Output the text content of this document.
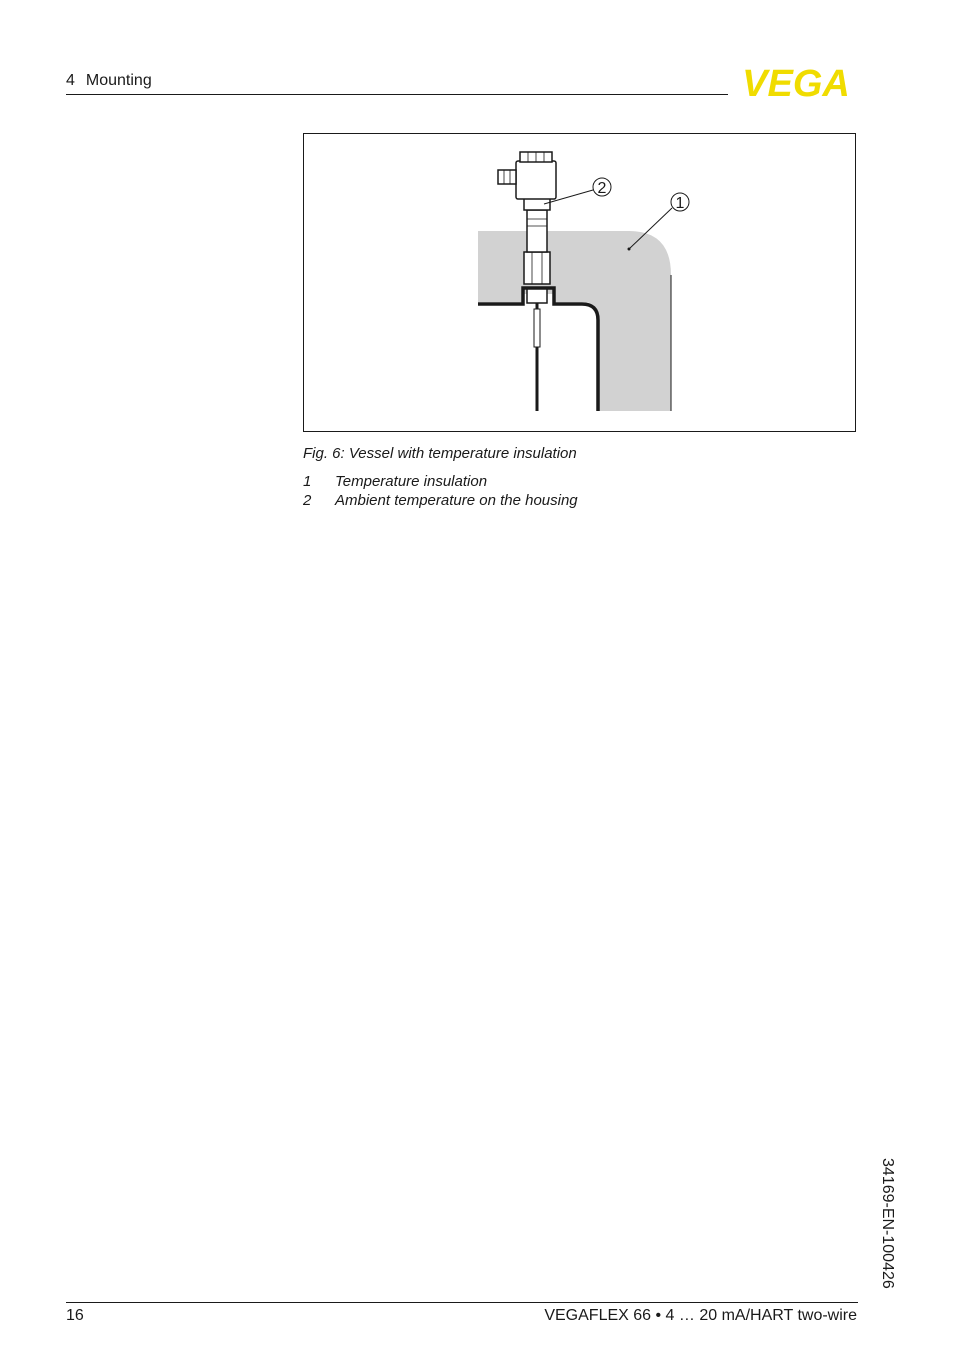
4 Mounting	VEGA
2
1
Fig. 6: Vessel with temperature insulation
1 Temperature insulation
2 Ambient temperature on the housing
34169-EN-100426
16	VEGAFLEX 66 • 4 … 20 mA/HART two-wire
